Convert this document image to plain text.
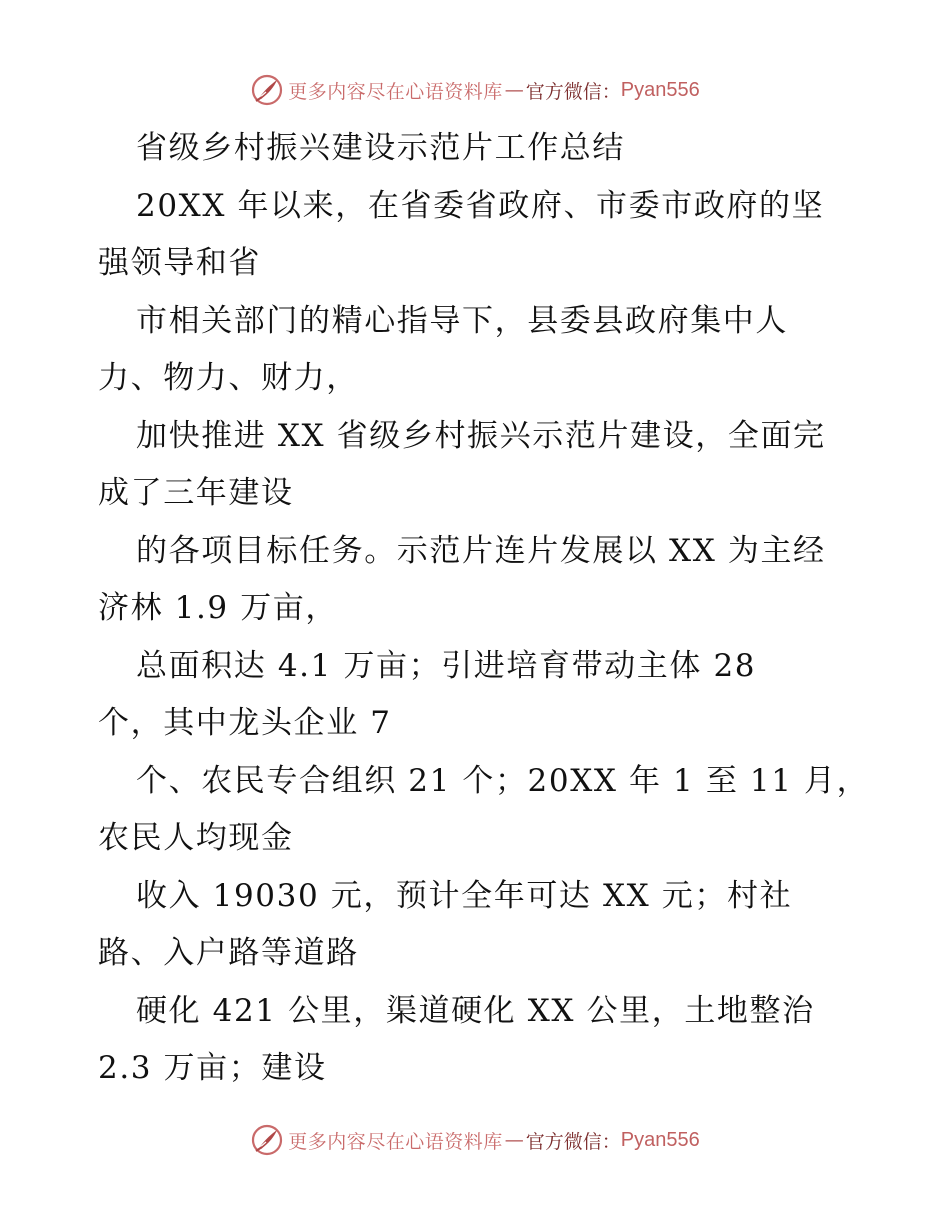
更多内容尽在心语资料库 — 官方微信： Pyan556
省级乡村振兴建设示范片工作总结
20XX 年以来，在省委省政府、市委市政府的坚
强领导和省
市相关部门的精心指导下，县委县政府集中人
力、物力、财力，
加快推进 XX 省级乡村振兴示范片建设，全面完
成了三年建设
的各项目标任务。示范片连片发展以 XX 为主经
济林 1.9 万亩，
总面积达 4.1 万亩；引进培育带动主体 28
个，其中龙头企业 7
个、农民专合组织 21 个；20XX 年 1 至 11 月，
农民人均现金
收入 19030 元，预计全年可达 XX 元；村社
路、入户路等道路
硬化 421 公里，渠道硬化 XX 公里，土地整治
2.3 万亩；建设
更多内容尽在心语资料库 — 官方微信： Pyan556
